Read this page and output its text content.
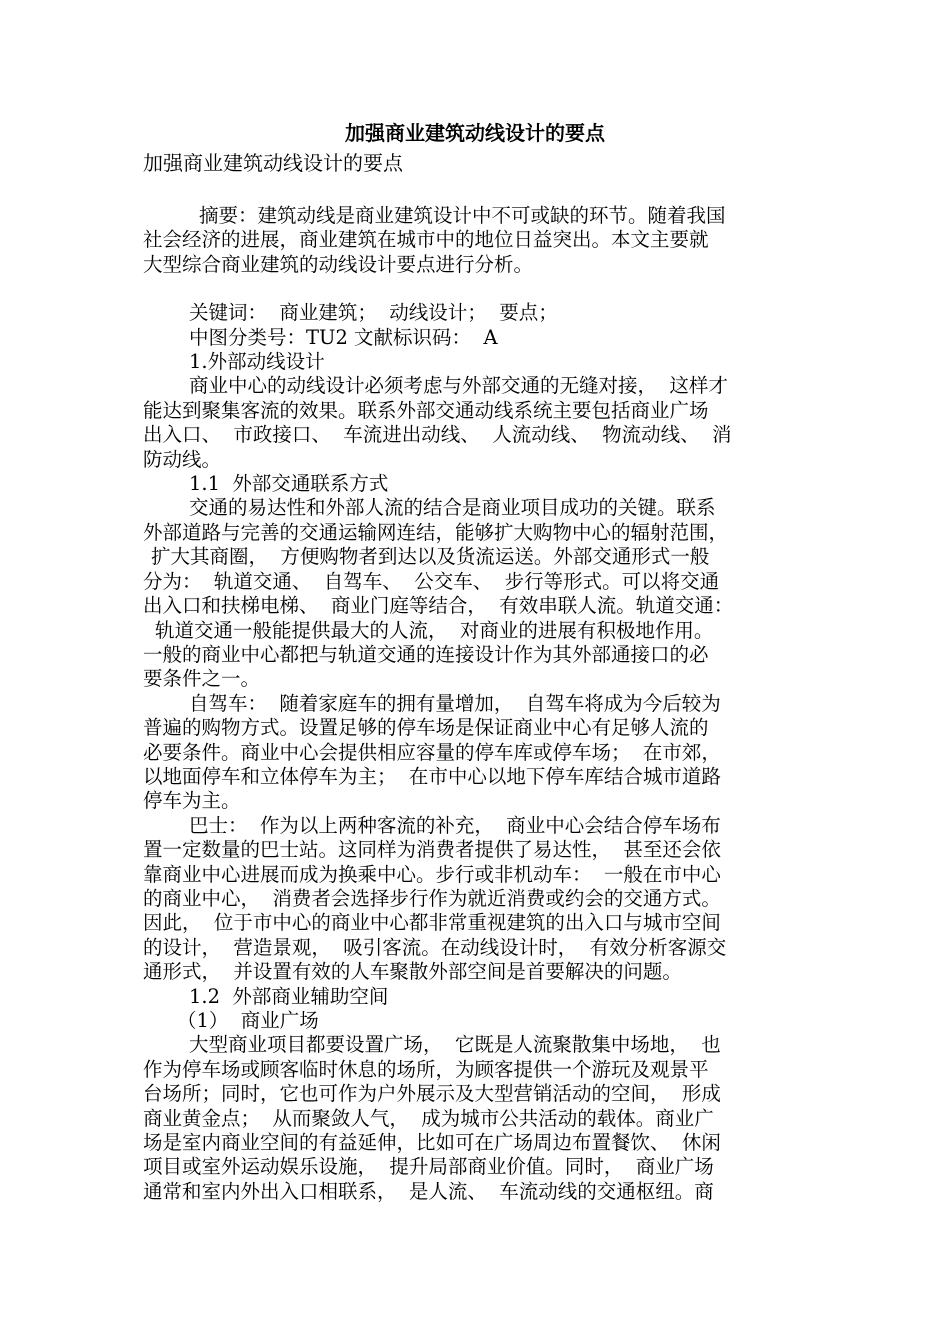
加强商业建筑动线设计的要点
加强商业建筑动线设计的要点
摘要：建筑动线是商业建筑设计中不可或缺的环节。随着我国
社会经济的进展，商业建筑在城市中的地位日益突出。本文主要就
大型综合商业建筑的动线设计要点进行分析。
关键词：  商业建筑；  动线设计；  要点；
中图分类号：TU2 文献标识码：  A
1.外部动线设计
商业中心的动线设计必须考虑与外部交通的无缝对接，  这样才
能达到聚集客流的效果。联系外部交通动线系统主要包括商业广场
出入口、  市政接口、  车流进出动线、  人流动线、  物流动线、  消
防动线。
1.1  外部交通联系方式
交通的易达性和外部人流的结合是商业项目成功的关键。联系
外部道路与完善的交通运输网连结，能够扩大购物中心的辐射范围，
扩大其商圈，  方便购物者到达以及货流运送。外部交通形式一般
分为：  轨道交通、  自驾车、  公交车、  步行等形式。可以将交通
出入口和扶梯电梯、  商业门庭等结合，  有效串联人流。轨道交通：
轨道交通一般能提供最大的人流，  对商业的进展有积极地作用。
一般的商业中心都把与轨道交通的连接设计作为其外部通接口的必
要条件之一。
自驾车：  随着家庭车的拥有量增加，  自驾车将成为今后较为
普遍的购物方式。设置足够的停车场是保证商业中心有足够人流的
必要条件。商业中心会提供相应容量的停车库或停车场；  在市郊，
以地面停车和立体停车为主；  在市中心以地下停车库结合城市道路
停车为主。
巴士：  作为以上两种客流的补充，  商业中心会结合停车场布
置一定数量的巴士站。这同样为消费者提供了易达性，  甚至还会依
靠商业中心进展而成为换乘中心。步行或非机动车：  一般在市中心
的商业中心，  消费者会选择步行作为就近消费或约会的交通方式。
因此，  位于市中心的商业中心都非常重视建筑的出入口与城市空间
的设计，  营造景观，  吸引客流。在动线设计时，  有效分析客源交
通形式，  并设置有效的人车聚散外部空间是首要解决的问题。
1.2  外部商业辅助空间
（1）  商业广场
大型商业项目都要设置广场，  它既是人流聚散集中场地，  也
作为停车场或顾客临时休息的场所，为顾客提供一个游玩及观景平
台场所；同时，它也可作为户外展示及大型营销活动的空间，  形成
商业黄金点；  从而聚敛人气，  成为城市公共活动的载体。商业广
场是室内商业空间的有益延伸，比如可在广场周边布置餐饮、  休闲
项目或室外运动娱乐设施，  提升局部商业价值。同时，  商业广场
通常和室内外出入口相联系，  是人流、  车流动线的交通枢纽。商
